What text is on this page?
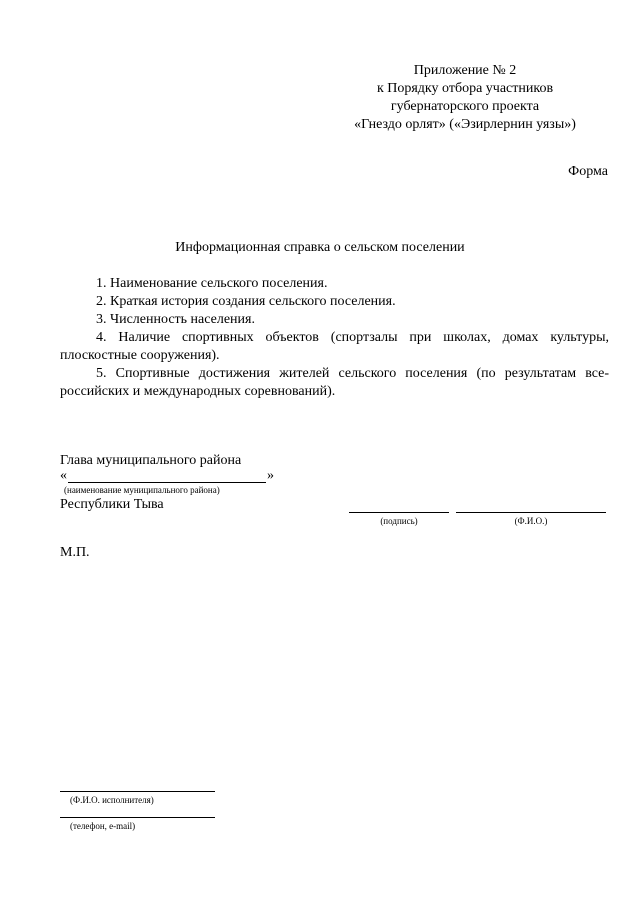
Приложение № 2
к Порядку отбора участников
губернаторского проекта
«Гнездо орлят» («Эзирлернин уязы»)
Форма
Информационная справка о сельском поселении
1. Наименование сельского поселения.
2. Краткая история создания сельского поселения.
3. Численность населения.
4. Наличие спортивных объектов (спортзалы при школах, домах культуры, плоскостные сооружения).
5. Спортивные достижения жителей сельского поселения (по результатам все-российских и международных соревнований).
Глава муниципального района
«	»
(наименование муниципального района)
Республики Тыва
(подпись)	(Ф.И.О.)
М.П.
(Ф.И.О. исполнителя)
(телефон, e-mail)
